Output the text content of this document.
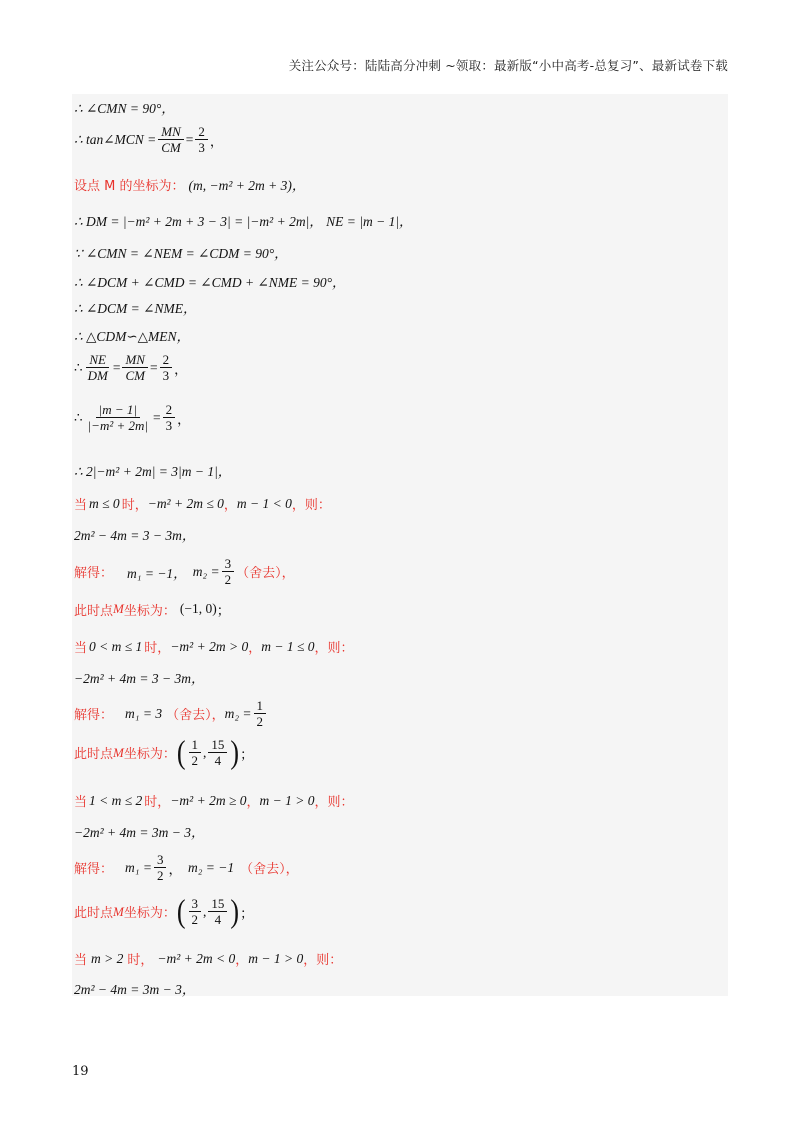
关注公众号：陆陆高分冲刺 ~领取：最新版“小中高考-总复习”、最新试卷下载
∴ ∠CMN = 90°，
∴ tan∠MCN = $\frac{MN}{CM} = \frac{2}{3}$ ，
设点 M 的坐标为： (m, −m² + 2m + 3)，
∴ DM = |−m² + 2m + 3 − 3| = |−m² + 2m|， NE = |m − 1|，
∵ ∠CMN = ∠NEM = ∠CDM = 90°，
∴ ∠DCM + ∠CMD = ∠CMD + ∠NME = 90°，
∴ ∠DCM = ∠NME，
∴ △CDM∽△MEN，
∴ $\frac{NE}{DM} = \frac{MN}{CM} = \frac{2}{3}$ ，
∴ $\frac{|m - 1|}{\text{|−m² + 2m|}} = \frac{2}{3}$ ，
∴ 2|−m² + 2m| = 3|m − 1|，
当 m ≤ 0 时， −m² + 2m ≤ 0 ， m − 1 < 0 ，则：
2m² − 4m = 3 − 3m，
解得： m₁ = −1， $m_2 = \frac{3}{2}$ （舍去），
此时点 M 坐标为： (−1, 0) ；
当 0 < m ≤ 1 时， −m² + 2m > 0 ， m − 1 ≤ 0 ，则：
−2m² + 4m = 3 − 3m，
解得： m₁ = 3 （舍去）， $m_2 = \frac{1}{2}$
此时点 M 坐标为： ( $\frac{1}{2}$ , $\frac{15}{4}$ ) ；
当 1 < m ≤ 2 时， −m² + 2m ≥ 0 ， m − 1 > 0 ，则：
−2m² + 4m = 3m − 3，
解得： $m_1 = \frac{3}{2}$ ， m₂ = −1 （舍去），
此时点 M 坐标为： ( $\frac{3}{2}$ , $\frac{15}{4}$ ) ；
当 m > 2 时， −m² + 2m < 0 ， m − 1 > 0 ，则：
2m² − 4m = 3m − 3，
19
